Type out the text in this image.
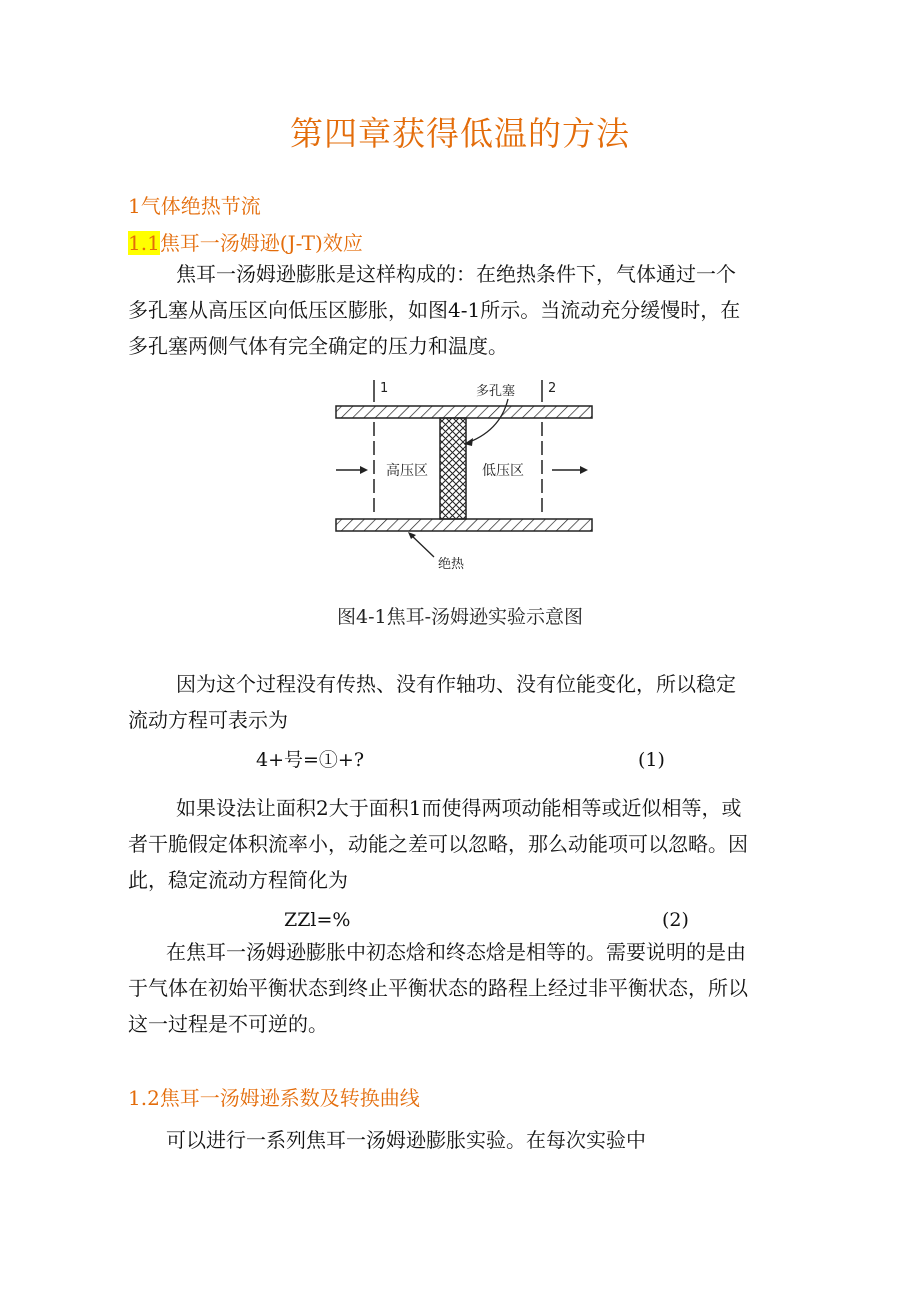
第四章获得低温的方法
1气体绝热节流
1.1焦耳一汤姆逊(J-T)效应
焦耳一汤姆逊膨胀是这样构成的：在绝热条件下，气体通过一个
多孔塞从高压区向低压区膨胀，如图4-1所示。当流动充分缓慢时，在
多孔塞两侧气体有完全确定的压力和温度。
1	2
多孔塞
高压区	低压区
绝热
图4-1焦耳-汤姆逊实验示意图
因为这个过程没有传热、没有作轴功、没有位能变化，所以稳定
流动方程可表示为
4+号=①+?	(1)
如果设法让面积2大于面积1而使得两项动能相等或近似相等，或
者干脆假定体积流率小，动能之差可以忽略，那么动能项可以忽略。因
此，稳定流动方程简化为
ZZl=%	(2)
在焦耳一汤姆逊膨胀中初态焓和终态焓是相等的。需要说明的是由
于气体在初始平衡状态到终止平衡状态的路程上经过非平衡状态，所以
这一过程是不可逆的。
1.2焦耳一汤姆逊系数及转换曲线
可以进行一系列焦耳一汤姆逊膨胀实验。在每次实验中
